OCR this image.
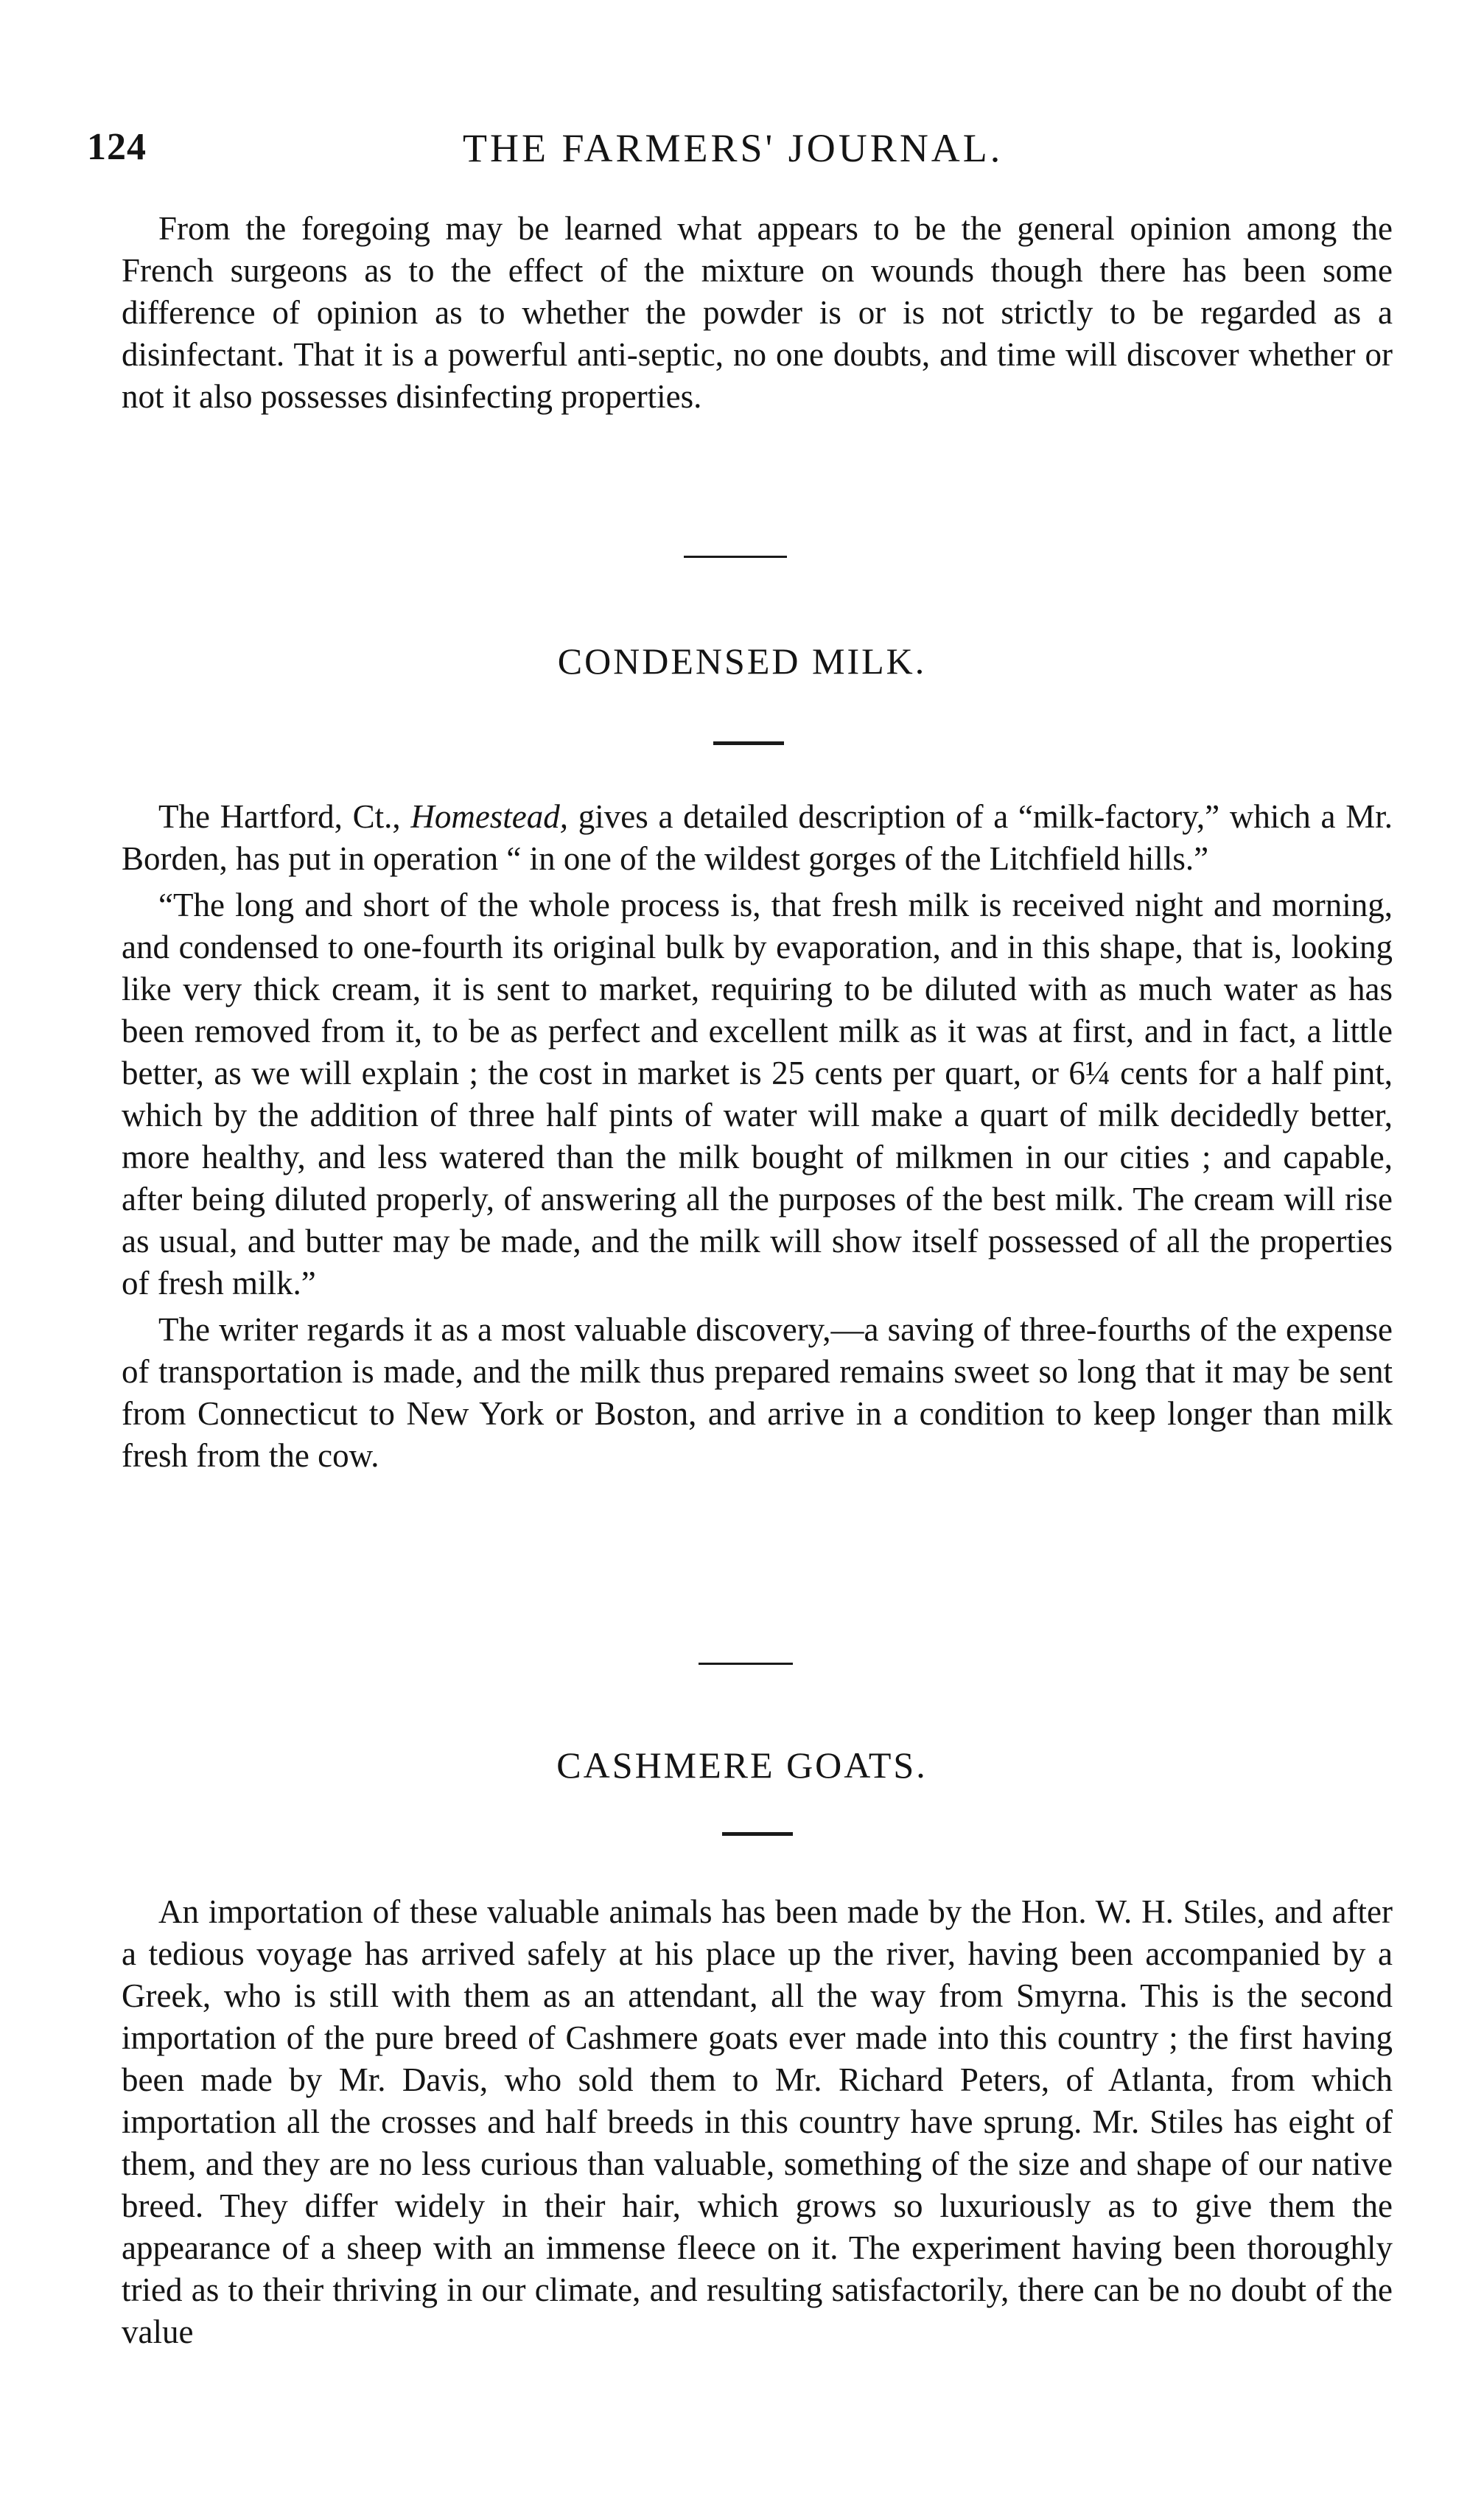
124	THE FARMERS' JOURNAL.

From the foregoing may be learned what appears to be the general opinion among the French surgeons as to the effect of the mixture on wounds though there has been some difference of opinion as to whether the powder is or is not strictly to be regarded as a disinfectant. That it is a powerful anti-septic, no one doubts, and time will discover whether or not it also possesses disinfecting properties.

CONDENSED MILK.

The Hartford, Ct., Homestead, gives a detailed description of a “milk-factory,” which a Mr. Borden, has put in operation “ in one of the wildest gorges of the Litchfield hills.”

“The long and short of the whole process is, that fresh milk is received night and morning, and condensed to one-fourth its original bulk by evaporation, and in this shape, that is, looking like very thick cream, it is sent to market, requiring to be diluted with as much water as has been removed from it, to be as perfect and excellent milk as it was at first, and in fact, a little better, as we will explain ; the cost in market is 25 cents per quart, or 6¼ cents for a half pint, which by the addition of three half pints of water will make a quart of milk decidedly better, more healthy, and less watered than the milk bought of milkmen in our cities ; and capable, after being diluted properly, of answering all the purposes of the best milk. The cream will rise as usual, and butter may be made, and the milk will show itself possessed of all the properties of fresh milk.”

The writer regards it as a most valuable discovery,—a saving of three-fourths of the expense of transportation is made, and the milk thus prepared remains sweet so long that it may be sent from Connecticut to New York or Boston, and arrive in a condition to keep longer than milk fresh from the cow.

CASHMERE GOATS.

An importation of these valuable animals has been made by the Hon. W. H. Stiles, and after a tedious voyage has arrived safely at his place up the river, having been accompanied by a Greek, who is still with them as an attendant, all the way from Smyrna. This is the second importation of the pure breed of Cashmere goats ever made into this country ; the first having been made by Mr. Davis, who sold them to Mr. Richard Peters, of Atlanta, from which importation all the crosses and half breeds in this country have sprung. Mr. Stiles has eight of them, and they are no less curious than valuable, something of the size and shape of our native breed. They differ widely in their hair, which grows so luxuriously as to give them the appearance of a sheep with an immense fleece on it. The experiment having been thoroughly tried as to their thriving in our climate, and resulting satisfactorily, there can be no doubt of the value
